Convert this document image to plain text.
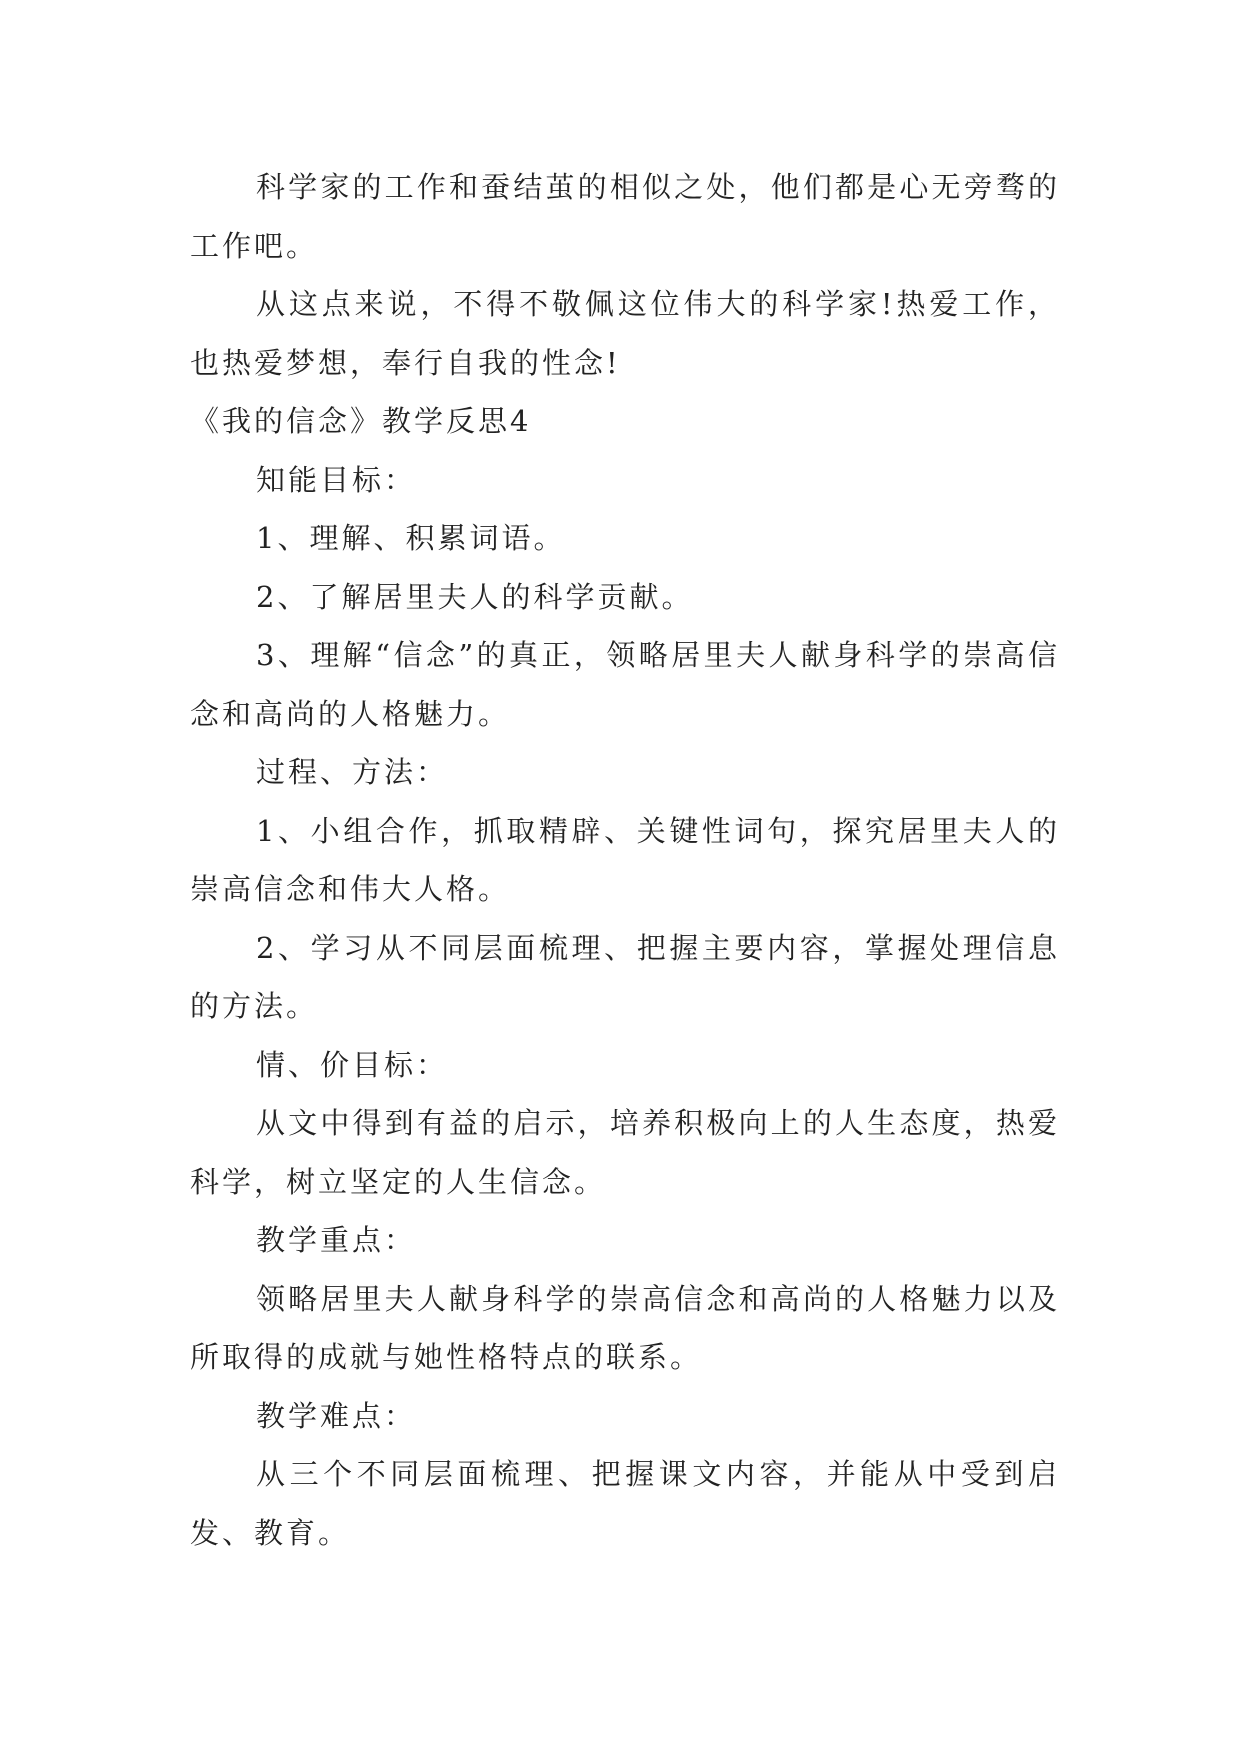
科学家的工作和蚕结茧的相似之处，他们都是心无旁骛的工作吧。

从这点来说，不得不敬佩这位伟大的科学家!热爱工作，也热爱梦想，奉行自我的性念!

《我的信念》教学反思4

知能目标：

1、理解、积累词语。

2、了解居里夫人的科学贡献。

3、理解“信念”的真正，领略居里夫人献身科学的崇高信念和高尚的人格魅力。

过程、方法：

1、小组合作，抓取精辟、关键性词句，探究居里夫人的崇高信念和伟大人格。

2、学习从不同层面梳理、把握主要内容，掌握处理信息的方法。

情、价目标：

从文中得到有益的启示，培养积极向上的人生态度，热爱科学，树立坚定的人生信念。

教学重点：

领略居里夫人献身科学的崇高信念和高尚的人格魅力以及所取得的成就与她性格特点的联系。

教学难点：

从三个不同层面梳理、把握课文内容，并能从中受到启发、教育。
